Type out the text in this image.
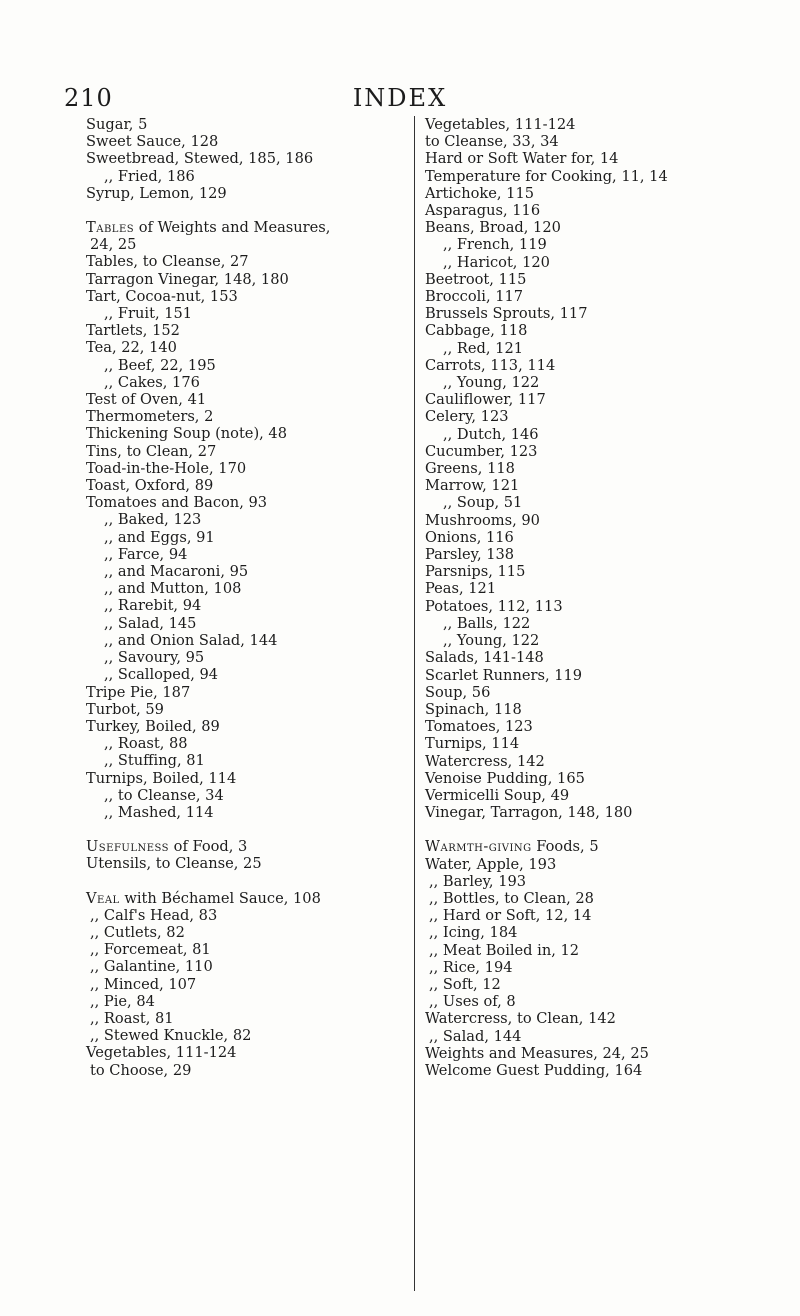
210	INDEX
Sugar, 5
Sweet Sauce, 128
Sweetbread, Stewed, 185, 186
,, Fried, 186
Syrup, Lemon, 129
Tables of Weights and Measures,
24, 25
Tables, to Cleanse, 27
Tarragon Vinegar, 148, 180
Tart, Cocoa-nut, 153
,, Fruit, 151
Tartlets, 152
Tea, 22, 140
,, Beef, 22, 195
,, Cakes, 176
Test of Oven, 41
Thermometers, 2
Thickening Soup (note), 48
Tins, to Clean, 27
Toad-in-the-Hole, 170
Toast, Oxford, 89
Tomatoes and Bacon, 93
,, Baked, 123
,, and Eggs, 91
,, Farce, 94
,, and Macaroni, 95
,, and Mutton, 108
,, Rarebit, 94
,, Salad, 145
,, and Onion Salad, 144
,, Savoury, 95
,, Scalloped, 94
Tripe Pie, 187
Turbot, 59
Turkey, Boiled, 89
,, Roast, 88
,, Stuffing, 81
Turnips, Boiled, 114
,, to Cleanse, 34
,, Mashed, 114
Usefulness of Food, 3
Utensils, to Cleanse, 25
Veal with Béchamel Sauce, 108
,, Calf's Head, 83
,, Cutlets, 82
,, Forcemeat, 81
,, Galantine, 110
,, Minced, 107
,, Pie, 84
,, Roast, 81
,, Stewed Knuckle, 82
Vegetables, 111-124
to Choose, 29
Vegetables, 111-124
to Cleanse, 33, 34
Hard or Soft Water for, 14
Temperature for Cooking, 11, 14
Artichoke, 115
Asparagus, 116
Beans, Broad, 120
,, French, 119
,, Haricot, 120
Beetroot, 115
Broccoli, 117
Brussels Sprouts, 117
Cabbage, 118
,, Red, 121
Carrots, 113, 114
,, Young, 122
Cauliflower, 117
Celery, 123
,, Dutch, 146
Cucumber, 123
Greens, 118
Marrow, 121
,, Soup, 51
Mushrooms, 90
Onions, 116
Parsley, 138
Parsnips, 115
Peas, 121
Potatoes, 112, 113
,, Balls, 122
,, Young, 122
Salads, 141-148
Scarlet Runners, 119
Soup, 56
Spinach, 118
Tomatoes, 123
Turnips, 114
Watercress, 142
Venoise Pudding, 165
Vermicelli Soup, 49
Vinegar, Tarragon, 148, 180
Warmth-giving Foods, 5
Water, Apple, 193
,, Barley, 193
,, Bottles, to Clean, 28
,, Hard or Soft, 12, 14
,, Icing, 184
,, Meat Boiled in, 12
,, Rice, 194
,, Soft, 12
,, Uses of, 8
Watercress, to Clean, 142
,, Salad, 144
Weights and Measures, 24, 25
Welcome Guest Pudding, 164
